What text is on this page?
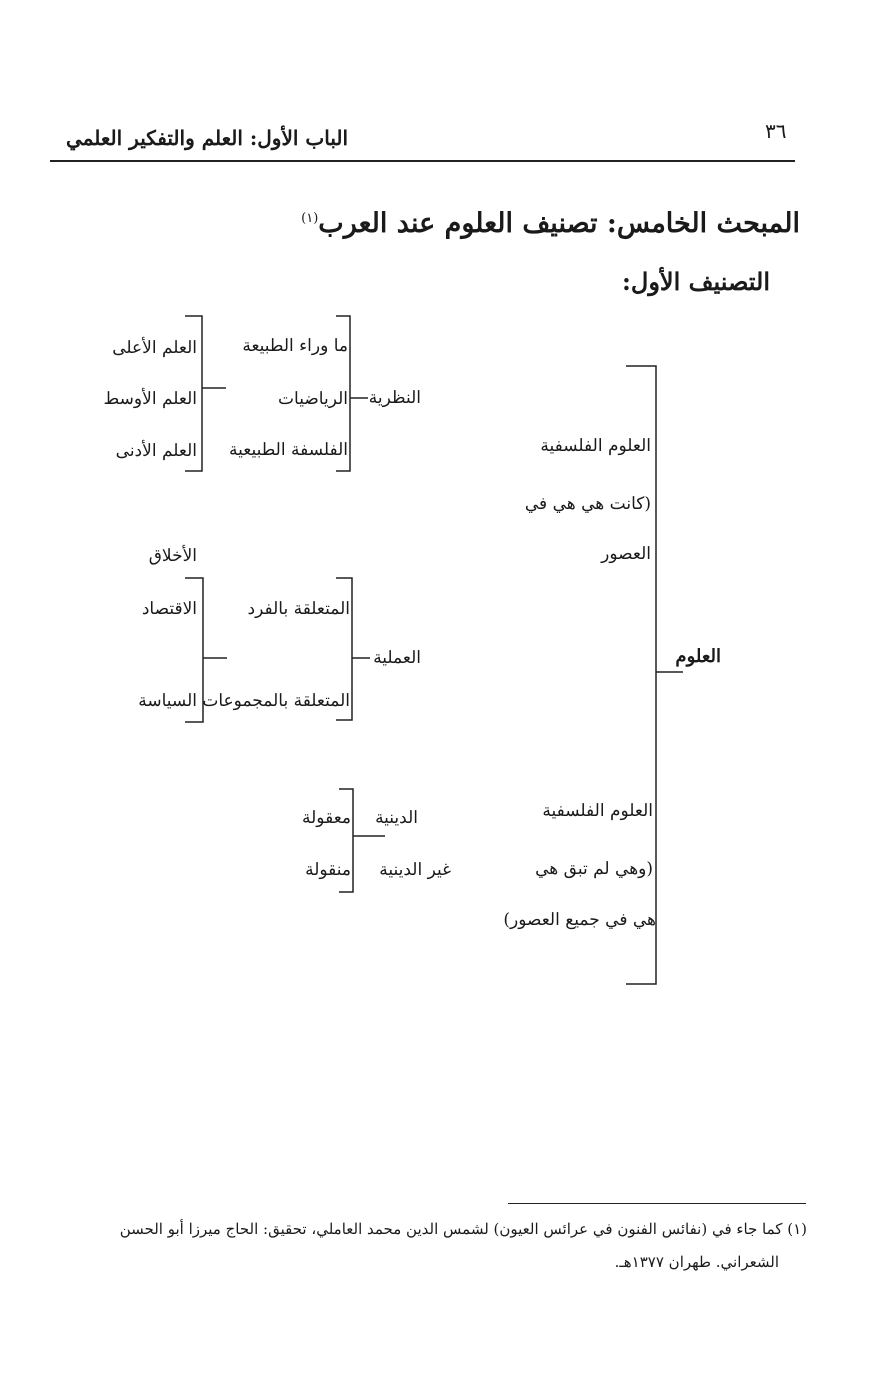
الباب الأول: العلم والتفكير العلمي	٣٦
المبحث الخامس: تصنيف العلوم عند العرب$^{(١)}$
التصنيف الأول:
العلوم
العلوم الفلسفية
(كانت هي هي في
العصور
العلوم الفلسفية
(وهي لم تبق هي
هي في جميع العصور)
النظرية
ما وراء الطبيعة
الرياضيات
الفلسفة الطبيعية
العلم الأعلى
العلم الأوسط
العلم الأدنى
العملية
المتعلقة بالفرد
المتعلقة بالمجموعات
الأخلاق
الاقتصاد
السياسة
الدينية
غير الدينية
معقولة
منقولة
(١) كما جاء في (نفائس الفنون في عرائس العيون) لشمس الدين محمد العاملي، تحقيق: الحاج ميرزا أبو الحسن
الشعراني. طهران ١٣٧٧هـ.
